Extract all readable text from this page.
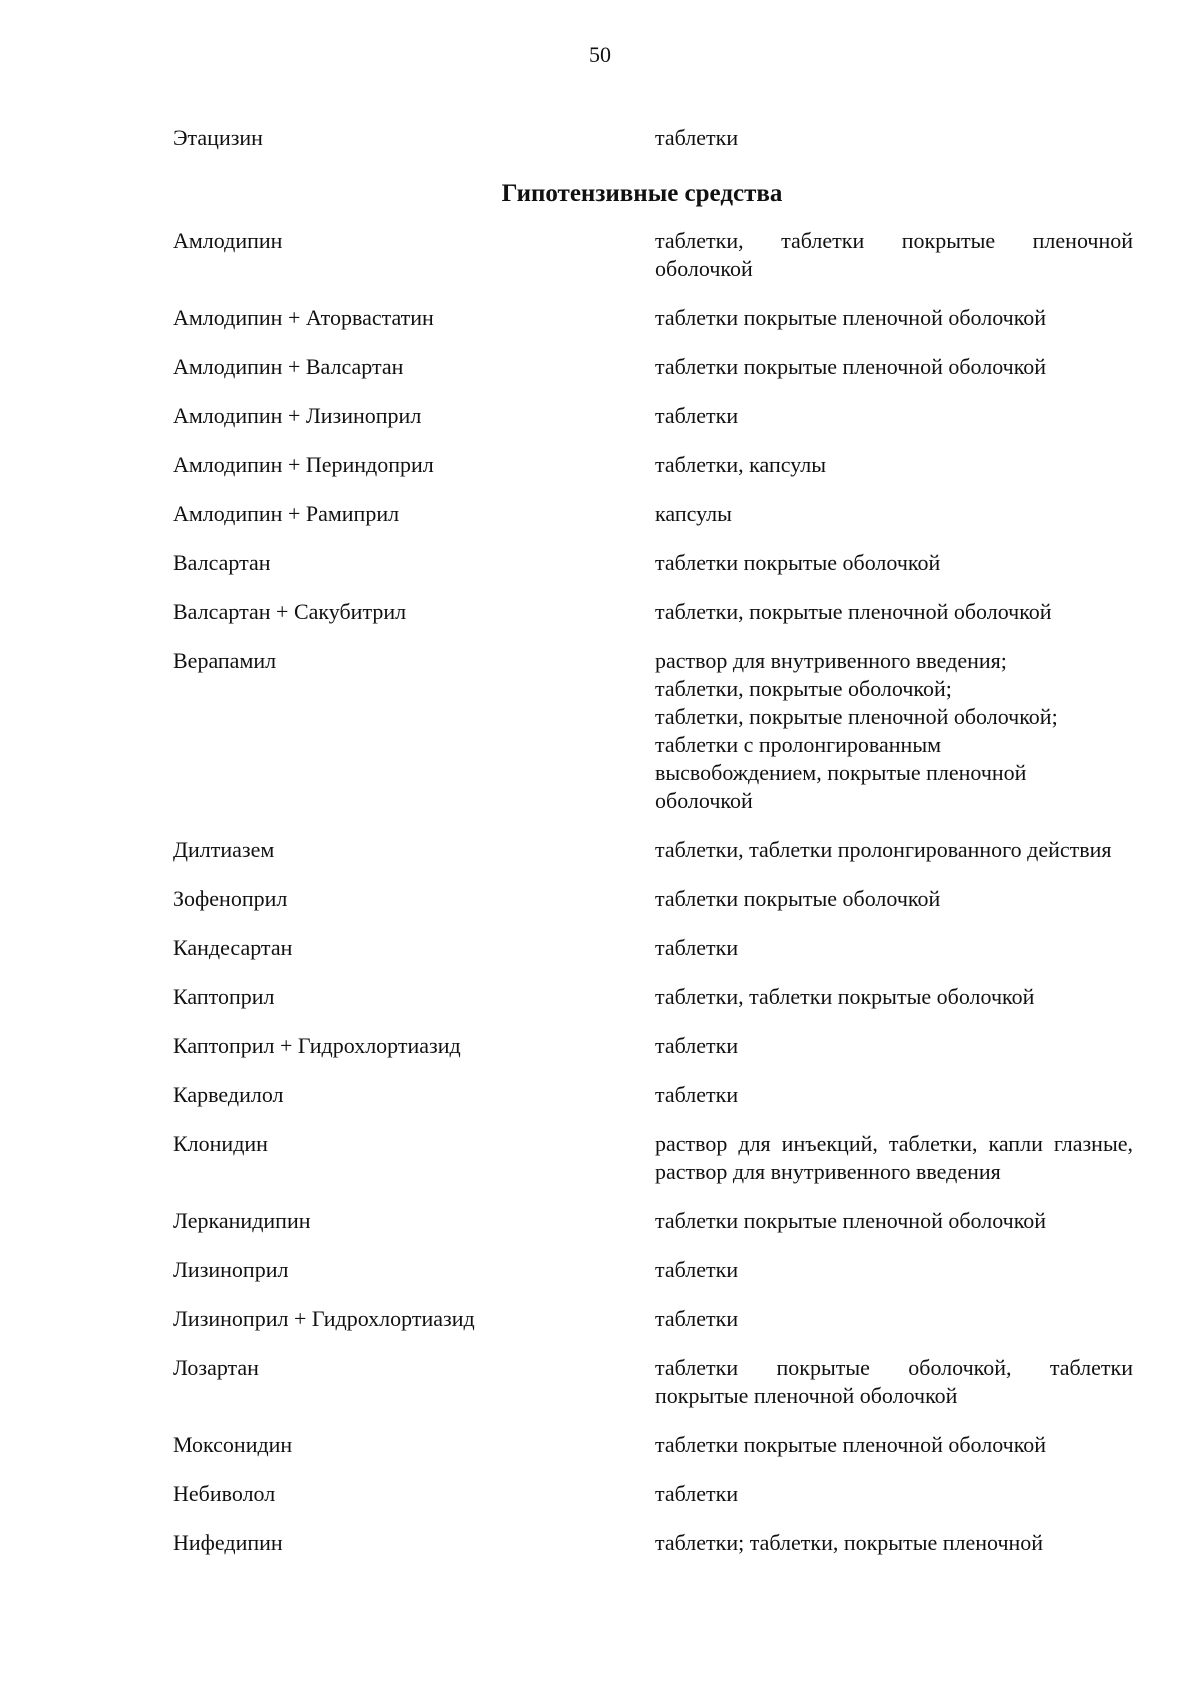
50
Этацизин	таблетки
Гипотензивные средства
Амлодипин	таблетки, таблетки покрытые пленочной оболочкой
Амлодипин + Аторвастатин	таблетки покрытые пленочной оболочкой
Амлодипин + Валсартан	таблетки покрытые пленочной оболочкой
Амлодипин + Лизиноприл	таблетки
Амлодипин + Периндоприл	таблетки, капсулы
Амлодипин + Рамиприл	капсулы
Валсартан	таблетки покрытые оболочкой
Валсартан + Сакубитрил	таблетки, покрытые пленочной оболочкой
Верапамил	раствор для внутривенного введения;
таблетки, покрытые оболочкой;
таблетки, покрытые пленочной оболочкой;
таблетки с пролонгированным
высвобождением, покрытые пленочной
оболочкой
Дилтиазем	таблетки, таблетки пролонгированного действия
Зофеноприл	таблетки покрытые оболочкой
Кандесартан	таблетки
Каптоприл	таблетки, таблетки покрытые оболочкой
Каптоприл + Гидрохлортиазид	таблетки
Карведилол	таблетки
Клонидин	раствор для инъекций, таблетки, капли глазные, раствор для внутривенного введения
Лерканидипин	таблетки покрытые пленочной оболочкой
Лизиноприл	таблетки
Лизиноприл + Гидрохлортиазид	таблетки
Лозартан	таблетки покрытые оболочкой, таблетки покрытые пленочной оболочкой
Моксонидин	таблетки покрытые пленочной оболочкой
Небиволол	таблетки
Нифедипин	таблетки; таблетки, покрытые пленочной
